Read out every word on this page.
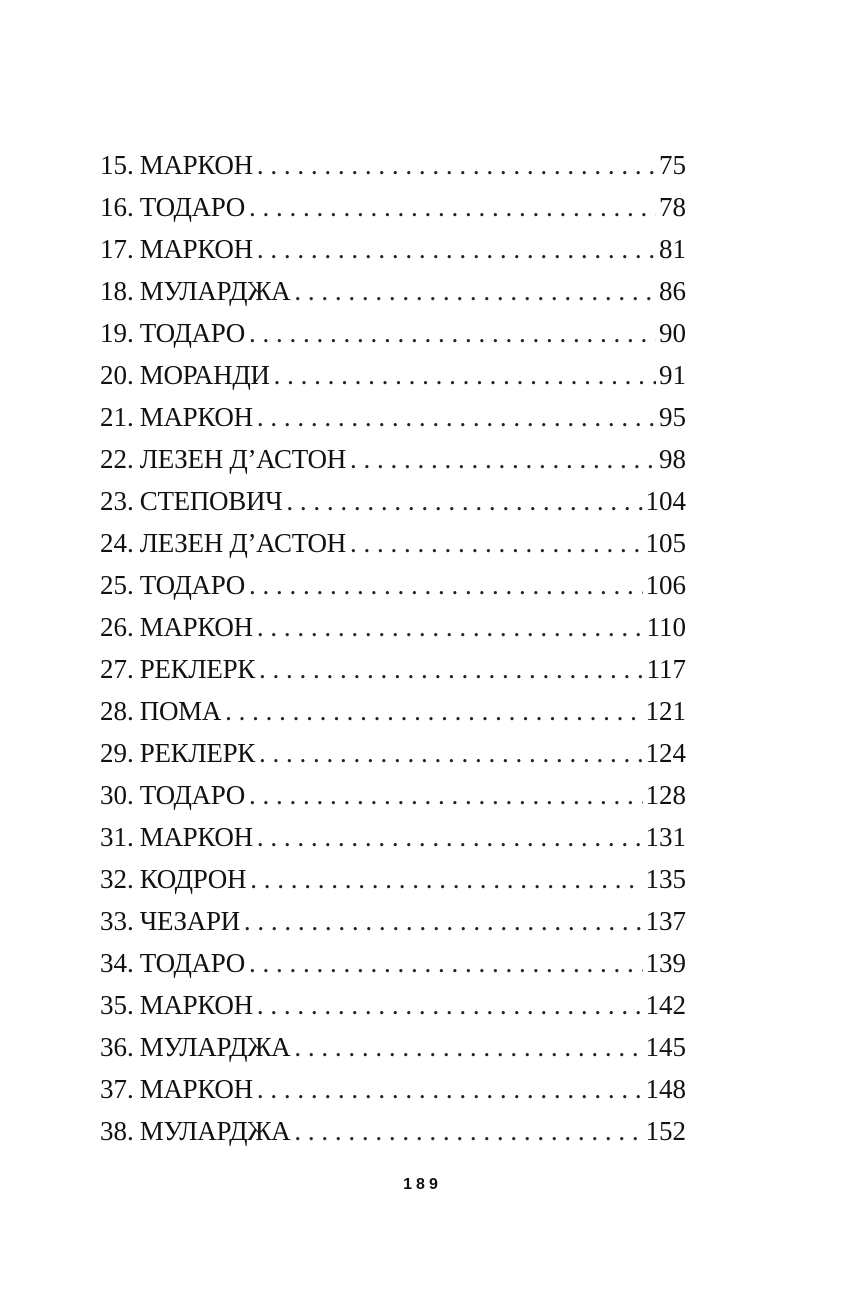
15. МАРКОН . . .	75
16. ТОДАРО . . .	78
17. МАРКОН . . .	81
18. МУЛАРДЖА . . .	86
19. ТОДАРО . . .	90
20. МОРАНДИ . . .	91
21. МАРКОН . . .	95
22. ЛЕЗЕН Д’АСТОН . . .	98
23. СТЕПОВИЧ . . .	104
24. ЛЕЗЕН Д’АСТОН . . .	105
25. ТОДАРО . . .	106
26. МАРКОН . . .	110
27. РЕКЛЕРК . . .	117
28. ПОМА . . .	121
29. РЕКЛЕРК . . .	124
30. ТОДАРО . . .	128
31. МАРКОН . . .	131
32. КОДРОН . . .	135
33. ЧЕЗАРИ . . .	137
34. ТОДАРО . . .	139
35. МАРКОН . . .	142
36. МУЛАРДЖА . . .	145
37. МАРКОН . . .	148
38. МУЛАРДЖА . . .	152
189
